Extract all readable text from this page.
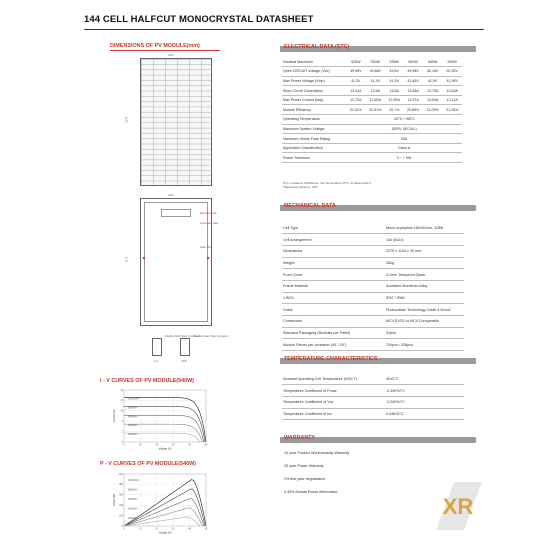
144 CELL HALFCUT MONOCRYSTAL DATASHEET
DIMENSIONS OF PV MODULE(mm)
1134
2279
Mounting Hole
Grounding Hole
Drain Hole
1134
2279
Double-Sided Tape Connector
Double-Sided Tape Connector
A-A	B-B
I - V CURVES OF PV MODULE(540W)
1000W/m²
800W/m²
600W/m²
400W/m²
200W/m²
0
0
10
3
20
6
30
10
40
13
50
16
Voltage (V)
Current (A)
P - V CURVES OF PV MODULE(540W)
1000W/m²
800W/m²
600W/m²
400W/m²
200W/m²
0
0
10
120
20
240
30
360
40
480
50
600
Voltage (V)
Power (W)
ELECTRICAL DATA (STC)
Nominal Maximum	525W	530W	535W	540W	545W	550W
Open CIRCUIT Voltage (Voc)	49,58V	49,68V	49,8V	49,98V	50,16V	50,35V
Max Power Voltage (Vmp)	41,3V	41,4V	41,5V	41,65V	41,8V	41,96V
Short Circuit Current(Isc)	13,41A	13,5A	13,6A	13,68A	13,75A	13,83A
Max Power Current (Imp)	12,72A	12,80A	12,89A	12,97A	13,04A	13,11A
Module Efficiency	20,31%	20,51%	20,7%	20,89%	21,09%	21,28%
Operating Temperature	-40°C~+85°C					
Maximum System Voltage	1500V (IEC/UL)					
Maximum Series Fuse Rating	25A					
Application Classification	Class A					
Power Tolerance	0 ~ + 5W					
STC: Irradiance 1000W/m2, Cell Temperature 25°C, Air Mass AM1.5
*Measuring tolerance: ±3%
MECHANICAL DATA
Cell Type	Mono-crystalline 182x91mm, 11BB
Cell Arrangement	144 (6x24)
Dimensions	2279 x 1134 x 35 mm
Weight	28kg
Front Cover	3.2mm Tempered Glass
Frame Material	Anodized Aluminum Alloy
J-BOX	IP67 / IP68
Cable	Photovoltaic Technology Cable 4.0mm2
Connectors	MC4 EVO2 or MC4 Comparable
Standard Packaging (Modules per Pallet)	32pcs
Module Pieces per container (40' / 20')	704pcs / 328pcs
TEMPERATURE CHARACTERISTICS
Nominal Operating Cell Temperature (NOCT)	45±2°C
Temperature Coefficient of Pmax	-0.350%/°C
Temperature Coefficient of Voc	-0.260%/°C
Temperature Coefficient of Isc	0.046%/°C
WARRANTY
10 year Product Workmanship Warranty
25 year Power Warranty
2% first year degradation
0.45% Annual Power Attenuation
XR
